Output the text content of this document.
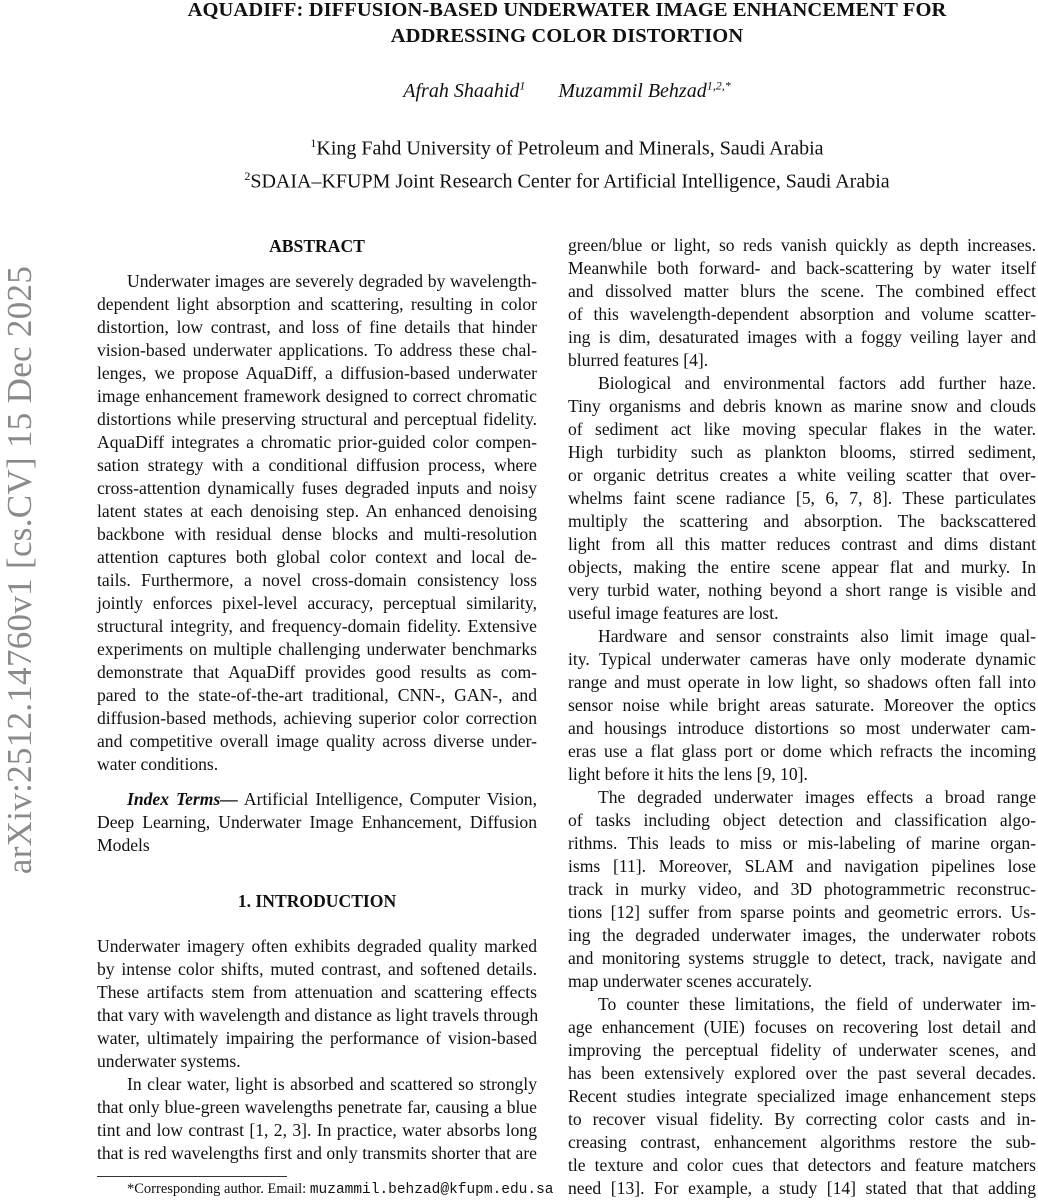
arXiv:2512.14760v1 [cs.CV] 15 Dec 2025
AQUADIFF: DIFFUSION-BASED UNDERWATER IMAGE ENHANCEMENT FOR
ADDRESSING COLOR DISTORTION
Afrah Shaahid$^1$ Muzammil Behzad$^{1,2,*}$
$^1$King Fahd University of Petroleum and Minerals, Saudi Arabia
$^2$SDAIA–KFUPM Joint Research Center for Artificial Intelligence, Saudi Arabia
ABSTRACT
Underwater images are severely degraded by wavelength-
dependent light absorption and scattering, resulting in color
distortion, low contrast, and loss of fine details that hinder
vision-based underwater applications. To address these chal-
lenges, we propose AquaDiff, a diffusion-based underwater
image enhancement framework designed to correct chromatic
distortions while preserving structural and perceptual fidelity.
AquaDiff integrates a chromatic prior-guided color compen-
sation strategy with a conditional diffusion process, where
cross-attention dynamically fuses degraded inputs and noisy
latent states at each denoising step. An enhanced denoising
backbone with residual dense blocks and multi-resolution
attention captures both global color context and local de-
tails. Furthermore, a novel cross-domain consistency loss
jointly enforces pixel-level accuracy, perceptual similarity,
structural integrity, and frequency-domain fidelity. Extensive
experiments on multiple challenging underwater benchmarks
demonstrate that AquaDiff provides good results as com-
pared to the state-of-the-art traditional, CNN-, GAN-, and
diffusion-based methods, achieving superior color correction
and competitive overall image quality across diverse under-
water conditions.
Index Terms— Artificial Intelligence, Computer Vision,
Deep Learning, Underwater Image Enhancement, Diffusion
Models
1. INTRODUCTION
Underwater imagery often exhibits degraded quality marked
by intense color shifts, muted contrast, and softened details.
These artifacts stem from attenuation and scattering effects
that vary with wavelength and distance as light travels through
water, ultimately impairing the performance of vision-based
underwater systems.
In clear water, light is absorbed and scattered so strongly
that only blue-green wavelengths penetrate far, causing a blue
tint and low contrast [1, 2, 3]. In practice, water absorbs long
that is red wavelengths first and only transmits shorter that are
green/blue or light, so reds vanish quickly as depth increases.
Meanwhile both forward- and back-scattering by water itself
and dissolved matter blurs the scene. The combined effect
of this wavelength-dependent absorption and volume scatter-
ing is dim, desaturated images with a foggy veiling layer and
blurred features [4].
Biological and environmental factors add further haze.
Tiny organisms and debris known as marine snow and clouds
of sediment act like moving specular flakes in the water.
High turbidity such as plankton blooms, stirred sediment,
or organic detritus creates a white veiling scatter that over-
whelms faint scene radiance [5, 6, 7, 8]. These particulates
multiply the scattering and absorption. The backscattered
light from all this matter reduces contrast and dims distant
objects, making the entire scene appear flat and murky. In
very turbid water, nothing beyond a short range is visible and
useful image features are lost.
Hardware and sensor constraints also limit image qual-
ity. Typical underwater cameras have only moderate dynamic
range and must operate in low light, so shadows often fall into
sensor noise while bright areas saturate. Moreover the optics
and housings introduce distortions so most underwater cam-
eras use a flat glass port or dome which refracts the incoming
light before it hits the lens [9, 10].
The degraded underwater images effects a broad range
of tasks including object detection and classification algo-
rithms. This leads to miss or mis-labeling of marine organ-
isms [11]. Moreover, SLAM and navigation pipelines lose
track in murky video, and 3D photogrammetric reconstruc-
tions [12] suffer from sparse points and geometric errors. Us-
ing the degraded underwater images, the underwater robots
and monitoring systems struggle to detect, track, navigate and
map underwater scenes accurately.
To counter these limitations, the field of underwater im-
age enhancement (UIE) focuses on recovering lost detail and
improving the perceptual fidelity of underwater scenes, and
has been extensively explored over the past several decades.
Recent studies integrate specialized image enhancement steps
to recover visual fidelity. By correcting color casts and in-
creasing contrast, enhancement algorithms restore the sub-
tle texture and color cues that detectors and feature matchers
need [13]. For example, a study [14] stated that that adding
*Corresponding author. Email: muzammil.behzad@kfupm.edu.sa
